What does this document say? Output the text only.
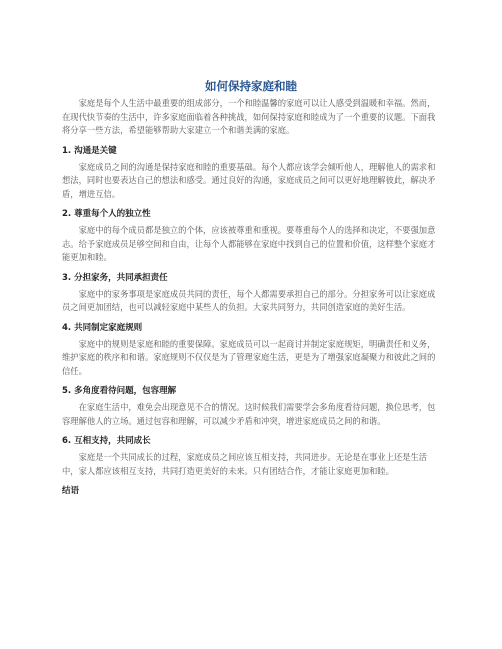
如何保持家庭和睦

家庭是每个人生活中最重要的组成部分，一个和睦温馨的家庭可以让人感受到温暖和幸福。然而，在现代快节奏的生活中，许多家庭面临着各种挑战，如何保持家庭和睦成为了一个重要的议题。下面我将分享一些方法，希望能够帮助大家建立一个和谐美满的家庭。

1. 沟通是关键

家庭成员之间的沟通是保持家庭和睦的重要基础。每个人都应该学会倾听他人，理解他人的需求和想法，同时也要表达自己的想法和感受。通过良好的沟通，家庭成员之间可以更好地理解彼此，解决矛盾，增进互信。

2. 尊重每个人的独立性

家庭中的每个成员都是独立的个体，应该被尊重和重视。要尊重每个人的选择和决定，不要强加意志。给予家庭成员足够空间和自由，让每个人都能够在家庭中找到自己的位置和价值，这样整个家庭才能更加和睦。

3. 分担家务，共同承担责任

家庭中的家务事项是家庭成员共同的责任，每个人都需要承担自己的部分。分担家务可以让家庭成员之间更加团结，也可以减轻家庭中某些人的负担。大家共同努力，共同创造家庭的美好生活。

4. 共同制定家庭规则

家庭中的规则是家庭和睦的重要保障。家庭成员可以一起商讨并制定家庭规矩，明确责任和义务，维护家庭的秩序和和谐。家庭规则不仅仅是为了管理家庭生活，更是为了增强家庭凝聚力和彼此之间的信任。

5. 多角度看待问题，包容理解

在家庭生活中，难免会出现意见不合的情况。这时候我们需要学会多角度看待问题，换位思考，包容理解他人的立场。通过包容和理解，可以减少矛盾和冲突，增进家庭成员之间的和谐。

6. 互相支持，共同成长

家庭是一个共同成长的过程，家庭成员之间应该互相支持，共同进步。无论是在事业上还是生活中，家人都应该相互支持，共同打造更美好的未来。只有团结合作，才能让家庭更加和睦。

结语
